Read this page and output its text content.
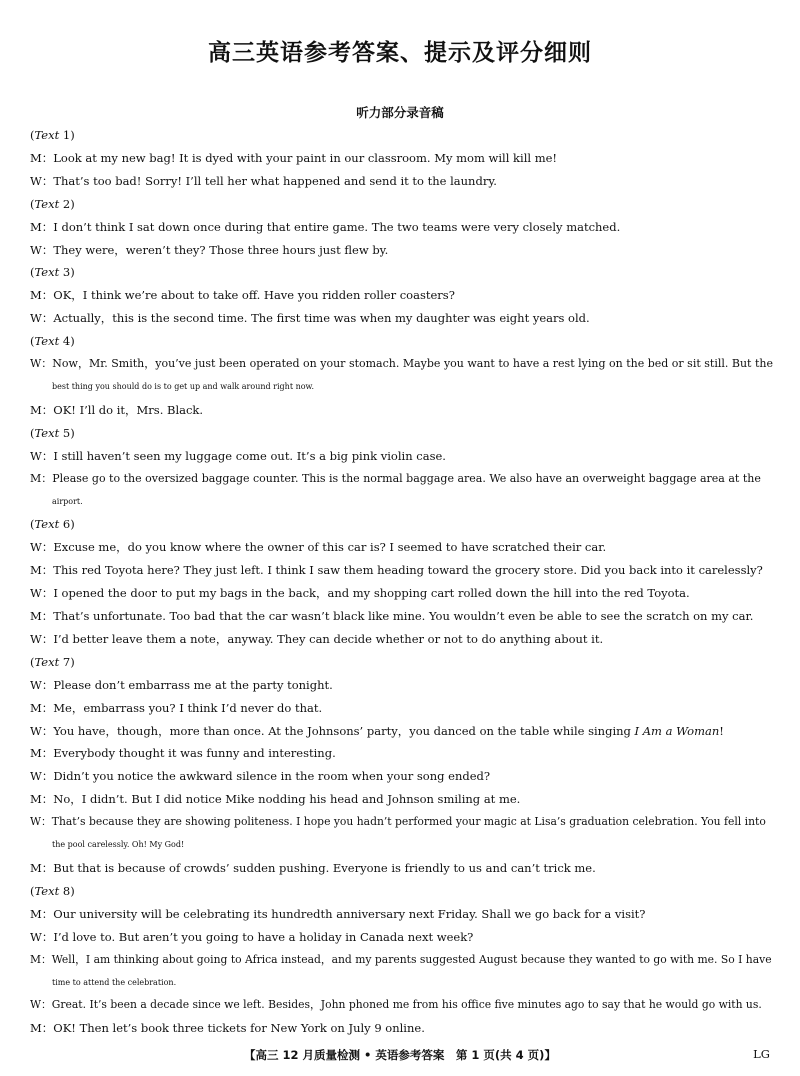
高三英语参考答案、提示及评分细则
听力部分录音稿
(Text 1)
M：Look at my new bag! It is dyed with your paint in our classroom. My mom will kill me!
W：That’s too bad! Sorry! I’ll tell her what happened and send it to the laundry.
(Text 2)
M：I don’t think I sat down once during that entire game. The two teams were very closely matched.
W：They were，weren’t they? Those three hours just flew by.
(Text 3)
M：OK，I think we’re about to take off. Have you ridden roller coasters?
W：Actually，this is the second time. The first time was when my daughter was eight years old.
(Text 4)
W：Now，Mr. Smith，you’ve just been operated on your stomach. Maybe you want to have a rest lying on the bed or sit still. But the
best thing you should do is to get up and walk around right now.
M：OK! I’ll do it，Mrs. Black.
(Text 5)
W：I still haven’t seen my luggage come out. It’s a big pink violin case.
M：Please go to the oversized baggage counter. This is the normal baggage area. We also have an overweight baggage area at the
airport.
(Text 6)
W：Excuse me，do you know where the owner of this car is? I seemed to have scratched their car.
M：This red Toyota here? They just left. I think I saw them heading toward the grocery store. Did you back into it carelessly?
W：I opened the door to put my bags in the back，and my shopping cart rolled down the hill into the red Toyota.
M：That’s unfortunate. Too bad that the car wasn’t black like mine. You wouldn’t even be able to see the scratch on my car.
W：I’d better leave them a note，anyway. They can decide whether or not to do anything about it.
(Text 7)
W：Please don’t embarrass me at the party tonight.
M：Me，embarrass you? I think I’d never do that.
W：You have，though，more than once. At the Johnsons’ party，you danced on the table while singing I Am a Woman!
M：Everybody thought it was funny and interesting.
W：Didn’t you notice the awkward silence in the room when your song ended?
M：No，I didn’t. But I did notice Mike nodding his head and Johnson smiling at me.
W：That’s because they are showing politeness. I hope you hadn’t performed your magic at Lisa’s graduation celebration. You fell into
the pool carelessly. Oh! My God!
M：But that is because of crowds’ sudden pushing. Everyone is friendly to us and can’t trick me.
(Text 8)
M：Our university will be celebrating its hundredth anniversary next Friday. Shall we go back for a visit?
W：I’d love to. But aren’t you going to have a holiday in Canada next week?
M：Well，I am thinking about going to Africa instead，and my parents suggested August because they wanted to go with me. So I have
time to attend the celebration.
W：Great. It’s been a decade since we left. Besides，John phoned me from his office five minutes ago to say that he would go with us.
M：OK! Then let’s book three tickets for New York on July 9 online.
【高三 12 月质量检测 • 英语参考答案　第 1 页(共 4 页)】	LG
